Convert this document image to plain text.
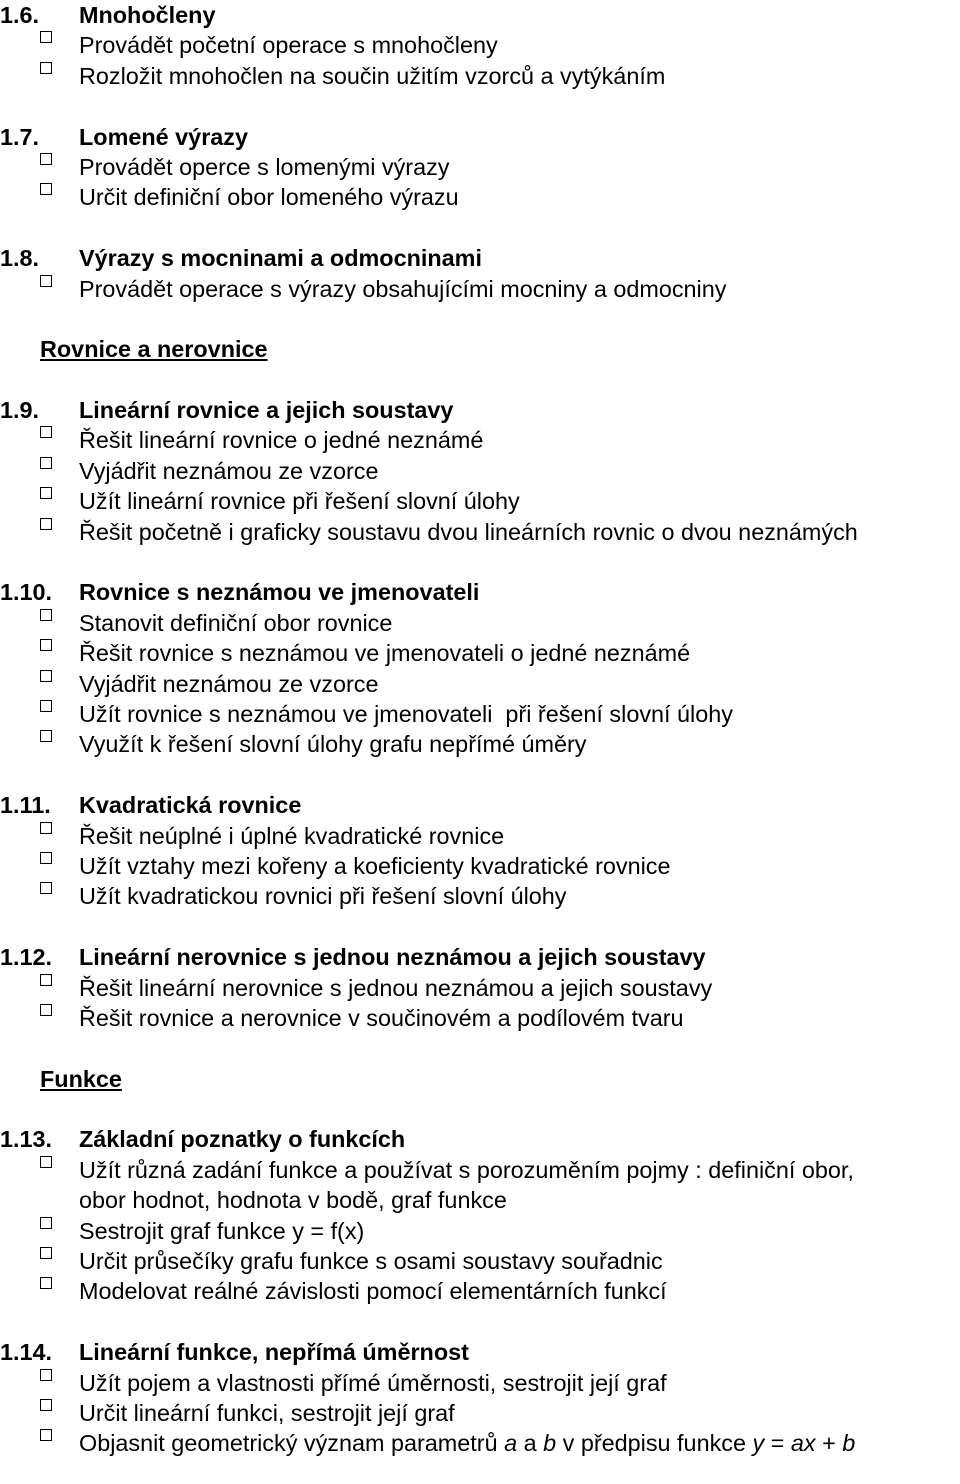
1.6.	Mnohočleny
Provádět početní operace s mnohočleny
Rozložit mnohočlen na součin užitím vzorců a vytýkáním
1.7.	Lomené výrazy
Provádět operce s lomenými výrazy
Určit definiční obor lomeného výrazu
1.8.	Výrazy s mocninami a odmocninami
Provádět operace s výrazy obsahujícími mocniny a odmocniny
Rovnice a nerovnice
1.9.	Lineární rovnice a jejich soustavy
Řešit lineární rovnice o jedné neznámé
Vyjádřit neznámou ze vzorce
Užít lineární rovnice při řešení slovní úlohy
Řešit početně i graficky soustavu dvou lineárních rovnic o dvou neznámých
1.10.	Rovnice s neznámou ve jmenovateli
Stanovit definiční obor rovnice
Řešit rovnice s neznámou ve jmenovateli o jedné neznámé
Vyjádřit neznámou ze vzorce
Užít rovnice s neznámou ve jmenovateli  při řešení slovní úlohy
Využít k řešení slovní úlohy grafu nepřímé úměry
1.11.	Kvadratická rovnice
Řešit neúplné i úplné kvadratické rovnice
Užít vztahy mezi kořeny a koeficienty kvadratické rovnice
Užít kvadratickou rovnici při řešení slovní úlohy
1.12.	Lineární nerovnice s jednou neznámou a jejich soustavy
Řešit lineární nerovnice s jednou neznámou a jejich soustavy
Řešit rovnice a nerovnice v součinovém a podílovém tvaru
Funkce
1.13.	Základní poznatky o funkcích
Užít různá zadání funkce a používat s porozuměním pojmy : definiční obor,
obor hodnot, hodnota v bodě, graf funkce
Sestrojit graf funkce y = f(x)
Určit průsečíky grafu funkce s osami soustavy souřadnic
Modelovat reálné závislosti pomocí elementárních funkcí
1.14.	Lineární funkce, nepřímá úměrnost
Užít pojem a vlastnosti přímé úměrnosti, sestrojit její graf
Určit lineární funkci, sestrojit její graf
Objasnit geometrický význam parametrů a a b v předpisu funkce y = ax + b
